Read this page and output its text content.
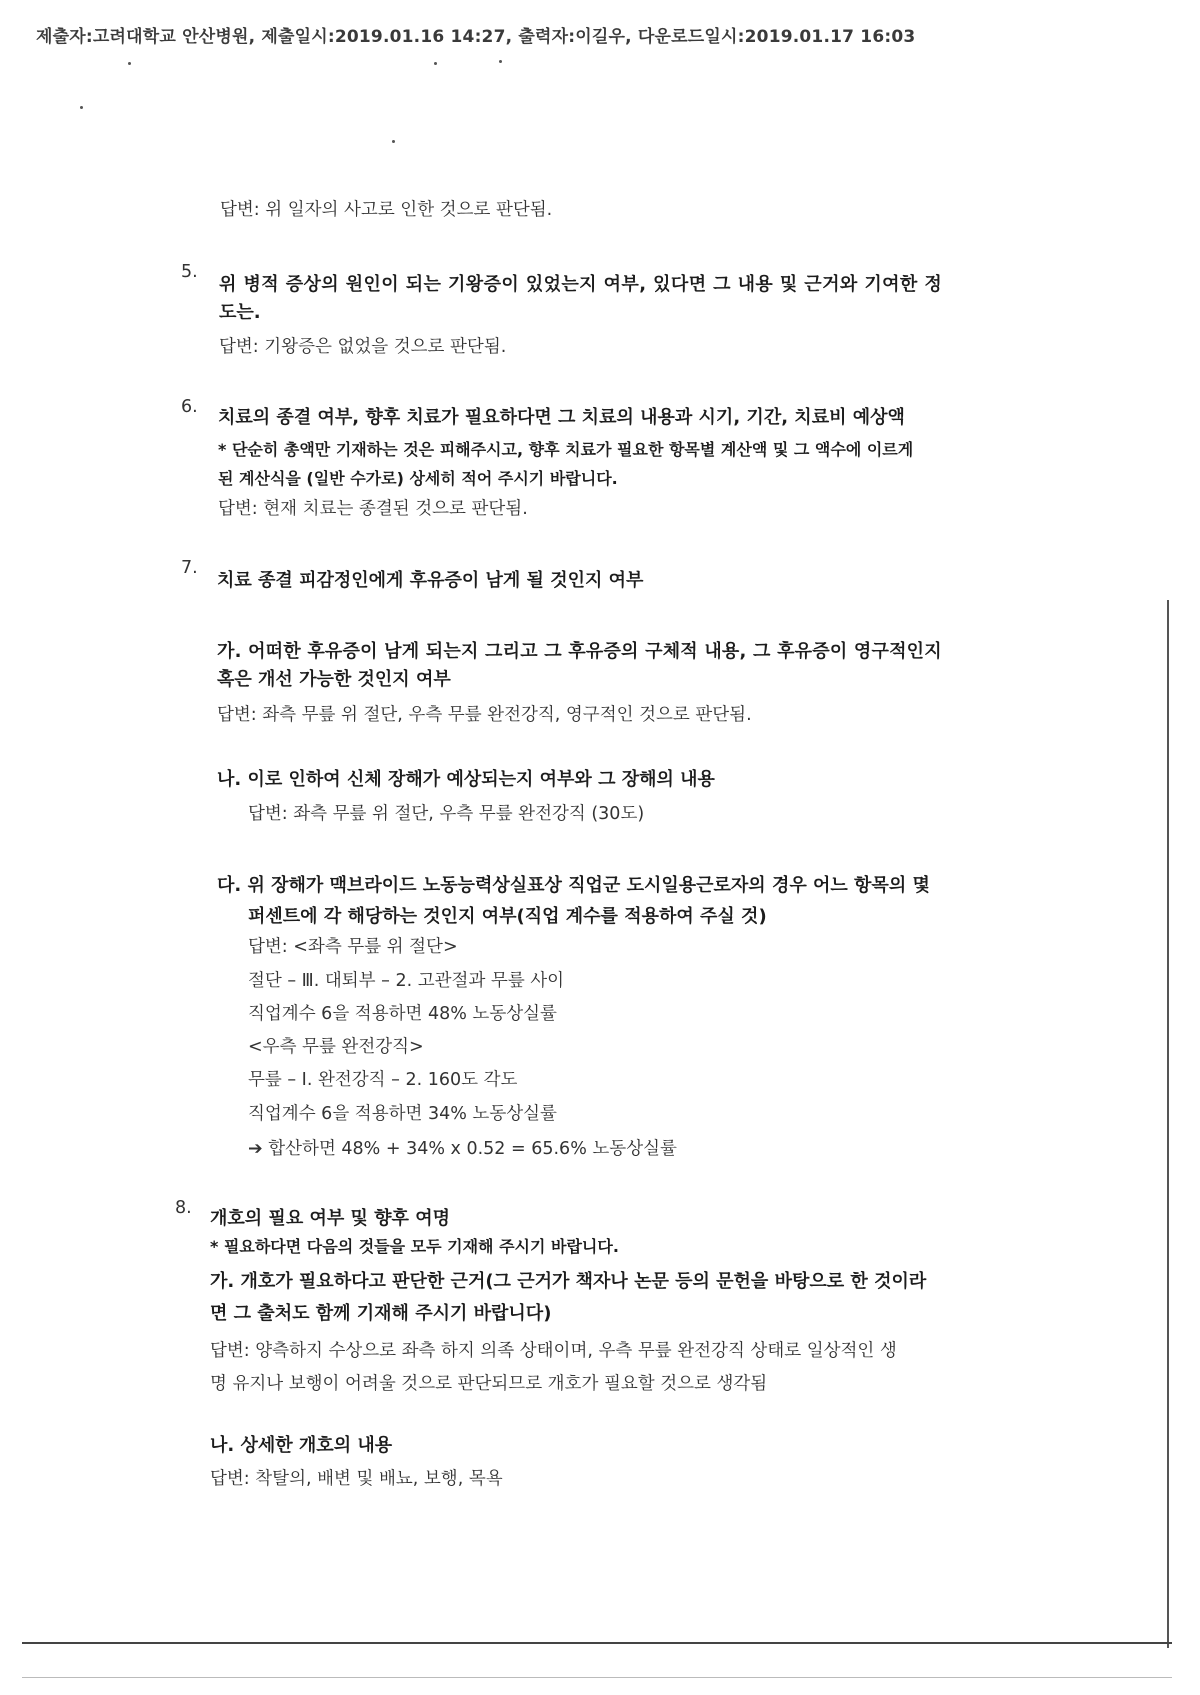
제출자:고려대학교 안산병원, 제출일시:2019.01.16 14:27, 출력자:이길우, 다운로드일시:2019.01.17 16:03
답변: 위 일자의 사고로 인한 것으로 판단됨.
5.
위 병적 증상의 원인이 되는 기왕증이 있었는지 여부, 있다면 그 내용 및 근거와 기여한 정
도는.
답변: 기왕증은 없었을 것으로 판단됨.
6. 치료의 종결 여부, 향후 치료가 필요하다면 그 치료의 내용과 시기, 기간, 치료비 예상액
* 단순히 총액만 기재하는 것은 피해주시고, 향후 치료가 필요한 항목별 계산액 및 그 액수에 이르게
된 계산식을 (일반 수가로) 상세히 적어 주시기 바랍니다.
답변: 현재 치료는 종결된 것으로 판단됨.
7.
치료 종결 피감정인에게 후유증이 남게 될 것인지 여부
가. 어떠한 후유증이 남게 되는지 그리고 그 후유증의 구체적 내용, 그 후유증이 영구적인지
혹은 개선 가능한 것인지 여부
답변: 좌측 무릎 위 절단, 우측 무릎 완전강직, 영구적인 것으로 판단됨.
나. 이로 인하여 신체 장해가 예상되는지 여부와 그 장해의 내용
답변: 좌측 무릎 위 절단, 우측 무릎 완전강직 (30도)
다. 위 장해가 맥브라이드 노동능력상실표상 직업군 도시일용근로자의 경우 어느 항목의 몇
퍼센트에 각 해당하는 것인지 여부(직업 계수를 적용하여 주실 것)
답변: <좌측 무릎 위 절단>
절단 – Ⅲ. 대퇴부 – 2. 고관절과 무릎 사이
직업계수 6을 적용하면 48% 노동상실률
<우측 무릎 완전강직>
무릎 – Ⅰ. 완전강직 – 2. 160도 각도
직업계수 6을 적용하면 34% 노동상실률
➔ 합산하면 48% + 34% x 0.52 = 65.6% 노동상실률
8. 개호의 필요 여부 및 향후 여명
* 필요하다면 다음의 것들을 모두 기재해 주시기 바랍니다.
가. 개호가 필요하다고 판단한 근거(그 근거가 책자나 논문 등의 문헌을 바탕으로 한 것이라
면 그 출처도 함께 기재해 주시기 바랍니다)
답변: 양측하지 수상으로 좌측 하지 의족 상태이며, 우측 무릎 완전강직 상태로 일상적인 생
명 유지나 보행이 어려울 것으로 판단되므로 개호가 필요할 것으로 생각됨
나. 상세한 개호의 내용
답변: 착탈의, 배변 및 배뇨, 보행, 목욕
